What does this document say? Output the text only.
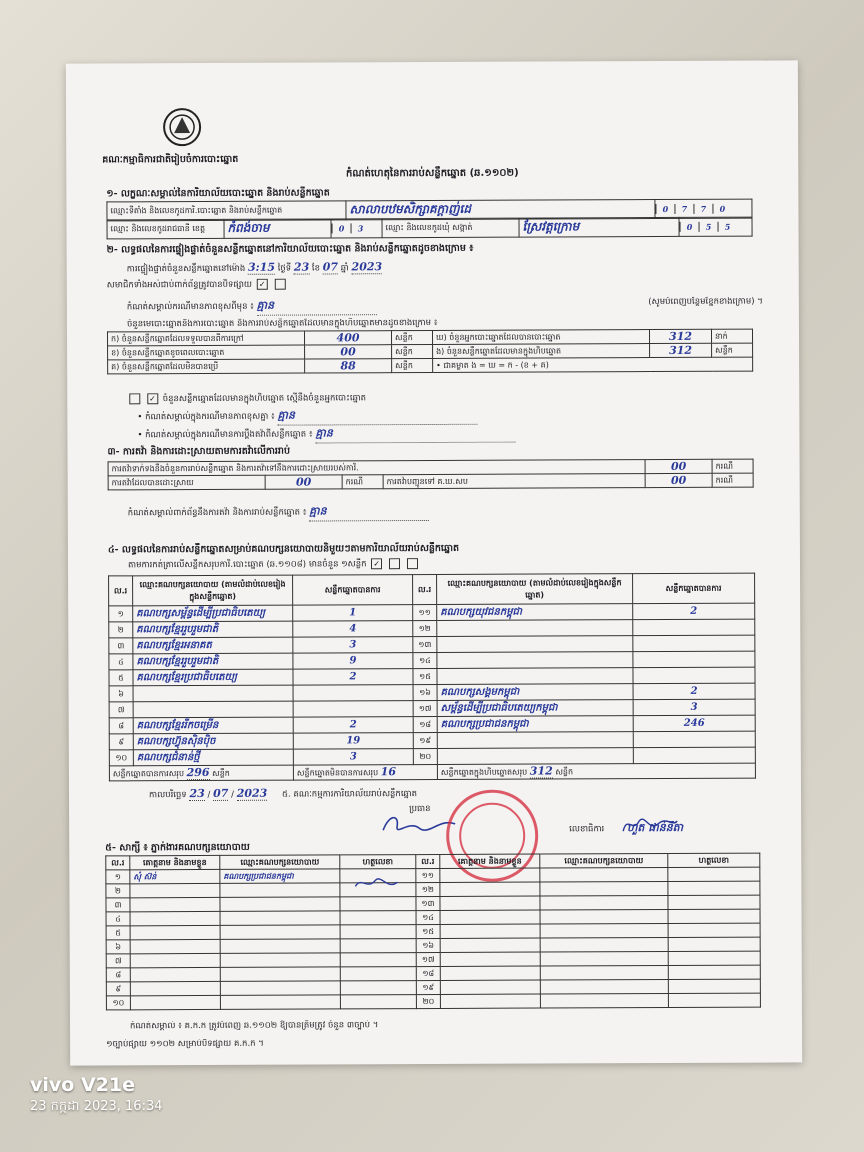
គណៈកម្មាធិការជាតិរៀបចំការបោះឆ្នោត
កំណត់ហេតុនៃការរាប់សន្លឹកឆ្នោត (ឆ.១១០២)
១- លក្ខណៈសម្គាល់នៃការិយាល័យបោះឆ្នោត និងរាប់សន្លឹកឆ្នោត
ឈ្មោះទីតាំង និងលេខកូដការិ.បោះឆ្នោត និងរាប់សន្លឹកឆ្នោត	សាលាបឋមសិក្សាគក្តាញ់ដេ	0 7 7 0
ឈ្មោះ និងលេខកូដរាជធានី ខេត្ត	កំពង់ចាម	0 3	ឈ្មោះ និងលេខកូដឃុំ សង្កាត់	ស្រែវត្តក្រោម	0 5 5
២- លទ្ធផលនៃការផ្ទៀងផ្ទាត់ចំនួនសន្លឹកឆ្នោតនៅការិយាល័យបោះឆ្នោត និងរាប់សន្លឹកឆ្នោតដូចខាងក្រោម ៖
ការផ្ទៀងផ្ទាត់ចំនួនសន្លឹកឆ្នោតនៅម៉ោង 3:15 ថ្ងៃទី 23 ខែ 07 ឆ្នាំ 2023
សមាជិកទាំងអស់ជាប់ពាក់ព័ន្ធត្រូវបានបិទផ្សាយ ✓
កំណត់សម្គាល់ករណីមានភាពខុសពីមុន ៖ គ្មាន	(សូមបំពេញបន្ថែមខ្នែកខាងក្រោម) ។
ចំនួនមេបោះឆ្នោតនិងការបោះឆ្នោត និងការរាប់សន្លឹកឆ្នោតដែលមានក្នុងហិបឆ្នោតមានដូចខាងក្រោម ៖
ក) ចំនួនសន្លឹកឆ្នោតដែលទទួលបានពីការក្រៅ	400	សន្លឹក	ឃ) ចំនួនអ្នកបោះឆ្នោតដែលបានបោះឆ្នោត	312	នាក់
ខ) ចំនួនសន្លឹកឆ្នោតខូចពេលបោះឆ្នោត	00	សន្លឹក	ង) ចំនួនសន្លឹកឆ្នោតដែលមានក្នុងហិបឆ្នោត	312	សន្លឹក
គ) ចំនួនសន្លឹកឆ្នោតដែលមិនបានប្រើ	88	សន្លឹក	• ជាគម្លាត ង = ឃ = ក - (ខ + គ)		
✓ ចំនួនសន្លឹកឆ្នោតដែលមានក្នុងហិបឆ្នោត ស្មើនឹងចំនួនអ្នកបោះឆ្នោត
• កំណត់សម្គាល់ក្នុងករណីមានភាពខុសគ្នា ៖ គ្មាន
• កំណត់សម្គាល់ក្នុងករណីមានការប្តឹងតវ៉ាពីសន្លឹកឆ្នោត ៖ គ្មាន
៣- ការតវ៉ា និងការដោះស្រាយតាមការតវ៉ាលើការរាប់
ការតវ៉ាទាក់ទងនឹងចំនួនការរាប់សន្លឹកឆ្នោត និងការតវ៉ាទៅនឹងការដោះស្រាយរបស់ការិ.				00	ករណី
ការតវ៉ាដែលបានដោះស្រាយ	00	ករណី	ការតវ៉ាបញ្ជូនទៅ គ.ឃ.សប	00	ករណី
កំណត់សម្គាល់ពាក់ព័ន្ធនឹងការតវ៉ា និងការរាប់សន្លឹកឆ្នោត ៖ គ្មាន
៤- លទ្ធផលនៃការរាប់សន្លឹកឆ្នោតសម្រាប់គណបក្សនយោបាយនិមួយៗតាមការិយាល័យរាប់សន្លឹកឆ្នោត
តាមការកត់ត្រាលើសន្លឹកសរុបការិ.បោះឆ្នោត (ឆ.១១០៨) មានចំនួន ១សន្លឹក ✓
ល.រ	ឈ្មោះគណបក្សនយោបាយ (តាមលំដាប់លេខរៀងក្នុងសន្លឹកឆ្នោត)	សន្លឹកឆ្នោតបានការ	ល.រ	ឈ្មោះគណបក្សនយោបាយ (តាមលំដាប់លេខរៀងក្នុងសន្លឹកឆ្នោត)	សន្លឹកឆ្នោតបានការ
១	គណបក្សសម្ព័ន្ធដើម្បីប្រជាធិបតេយ្យ	1	១១	គណបក្សយុវជនកម្ពុជា	2
២	គណបក្សខ្មែររួបរួមជាតិ	4	១២		
៣	គណបក្សខ្មែរអនាគត	3	១៣		
៤	គណបក្សខ្មែររួបរួមជាតិ	9	១៤		
៥	គណបក្សខ្មែរប្រជាធិបតេយ្យ	2	១៥		
៦			១៦	គណបក្សសង្គមកម្ពុជា	2
៧			១៧	សម្ព័ន្ធដើម្បីប្រជាធិបតេយ្យកម្ពុជា	3
៨	គណបក្សខ្មែររីកចម្រើន	2	១៨	គណបក្សប្រជាជនកម្ពុជា	246
៩	គណបក្សហ៊្វុនស៊ិនប៉ិច	19	១៩		
១០	គណបក្សជំនាន់ថ្មី	3	២០		
សន្លឹកឆ្នោតបានការសរុប 296 សន្លឹក		សន្លឹកឆ្នោតមិនបានការសរុប 16		សន្លឹកឆ្នោតក្នុងហិបឆ្នោតសរុប 312 សន្លឹក	
កាលបរិច្ឆេទ 23 / 07 / 2023 ៥. គណៈកម្មការការិយាល័យរាប់សន្លឹកឆ្នោត
ប្រធាន
លេខាធិការ ហួត ផាន់នីតា
៥- សាក្សី ៖ ភ្នាក់ងារគណបក្សនយោបាយ
ល.រ	គោត្តនាម និងនាមខ្លួន	ឈ្មោះគណបក្សនយោបាយ	ហត្ថលេខា	ល.រ	គោត្តនាម និងនាមខ្លួន	ឈ្មោះគណបក្សនយោបាយ	ហត្ថលេខា
១	សុំ ស៊ន់	គណបក្សប្រជាជនកម្ពុជា		១១			
២				១២			
៣				១៣			
៤				១៤			
៥				១៥			
៦				១៦			
៧				១៧			
៨				១៨			
៩				១៩			
១០				២០			
កំណត់សម្គាល់ ៖ គ.ក.ក ត្រូវបំពេញ ឆ.១១០២ ឱ្យបានត្រឹមត្រូវ ចំនួន ៣ច្បាប់ ។
១ច្បាប់ផ្សាយ ១១០២ សម្រាប់បិទផ្សាយ គ.ក.ក ។
vivo V21e
23 កក្កដា 2023, 16:34
